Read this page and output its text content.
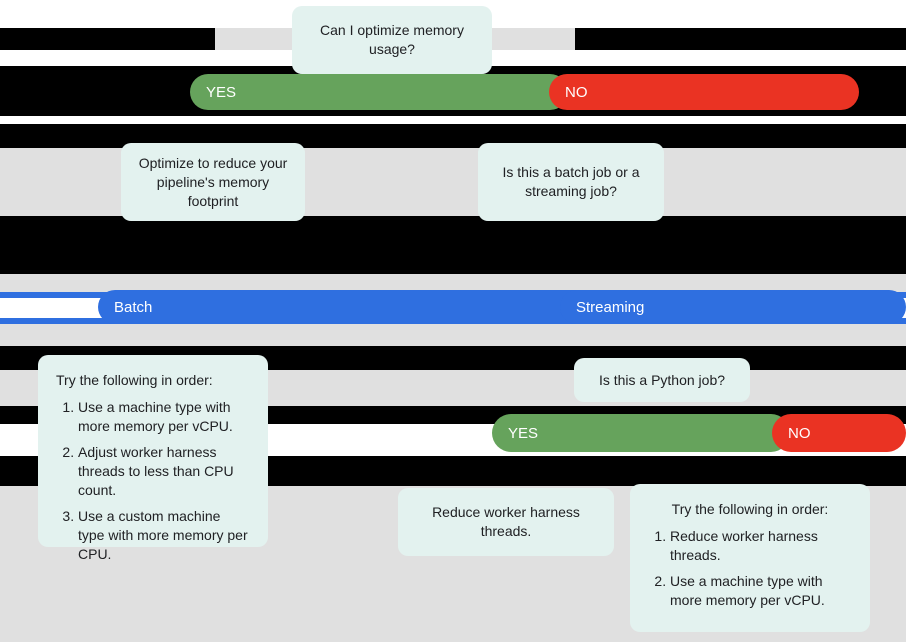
Can I optimize memory usage?
YES	NO
Optimize to reduce your pipeline's memory footprint
Is this a batch job or a streaming job?
Batch	Streaming

Try the following in order:

1. Use a machine type with more memory per vCPU.
2. Adjust worker harness threads to less than CPU count.
3. Use a custom machine type with more memory per CPU.
Is this a Python job?
YES	NO
Reduce worker harness threads.

Try the following in order:

1. Reduce worker harness threads.
2. Use a machine type with more memory per vCPU.
